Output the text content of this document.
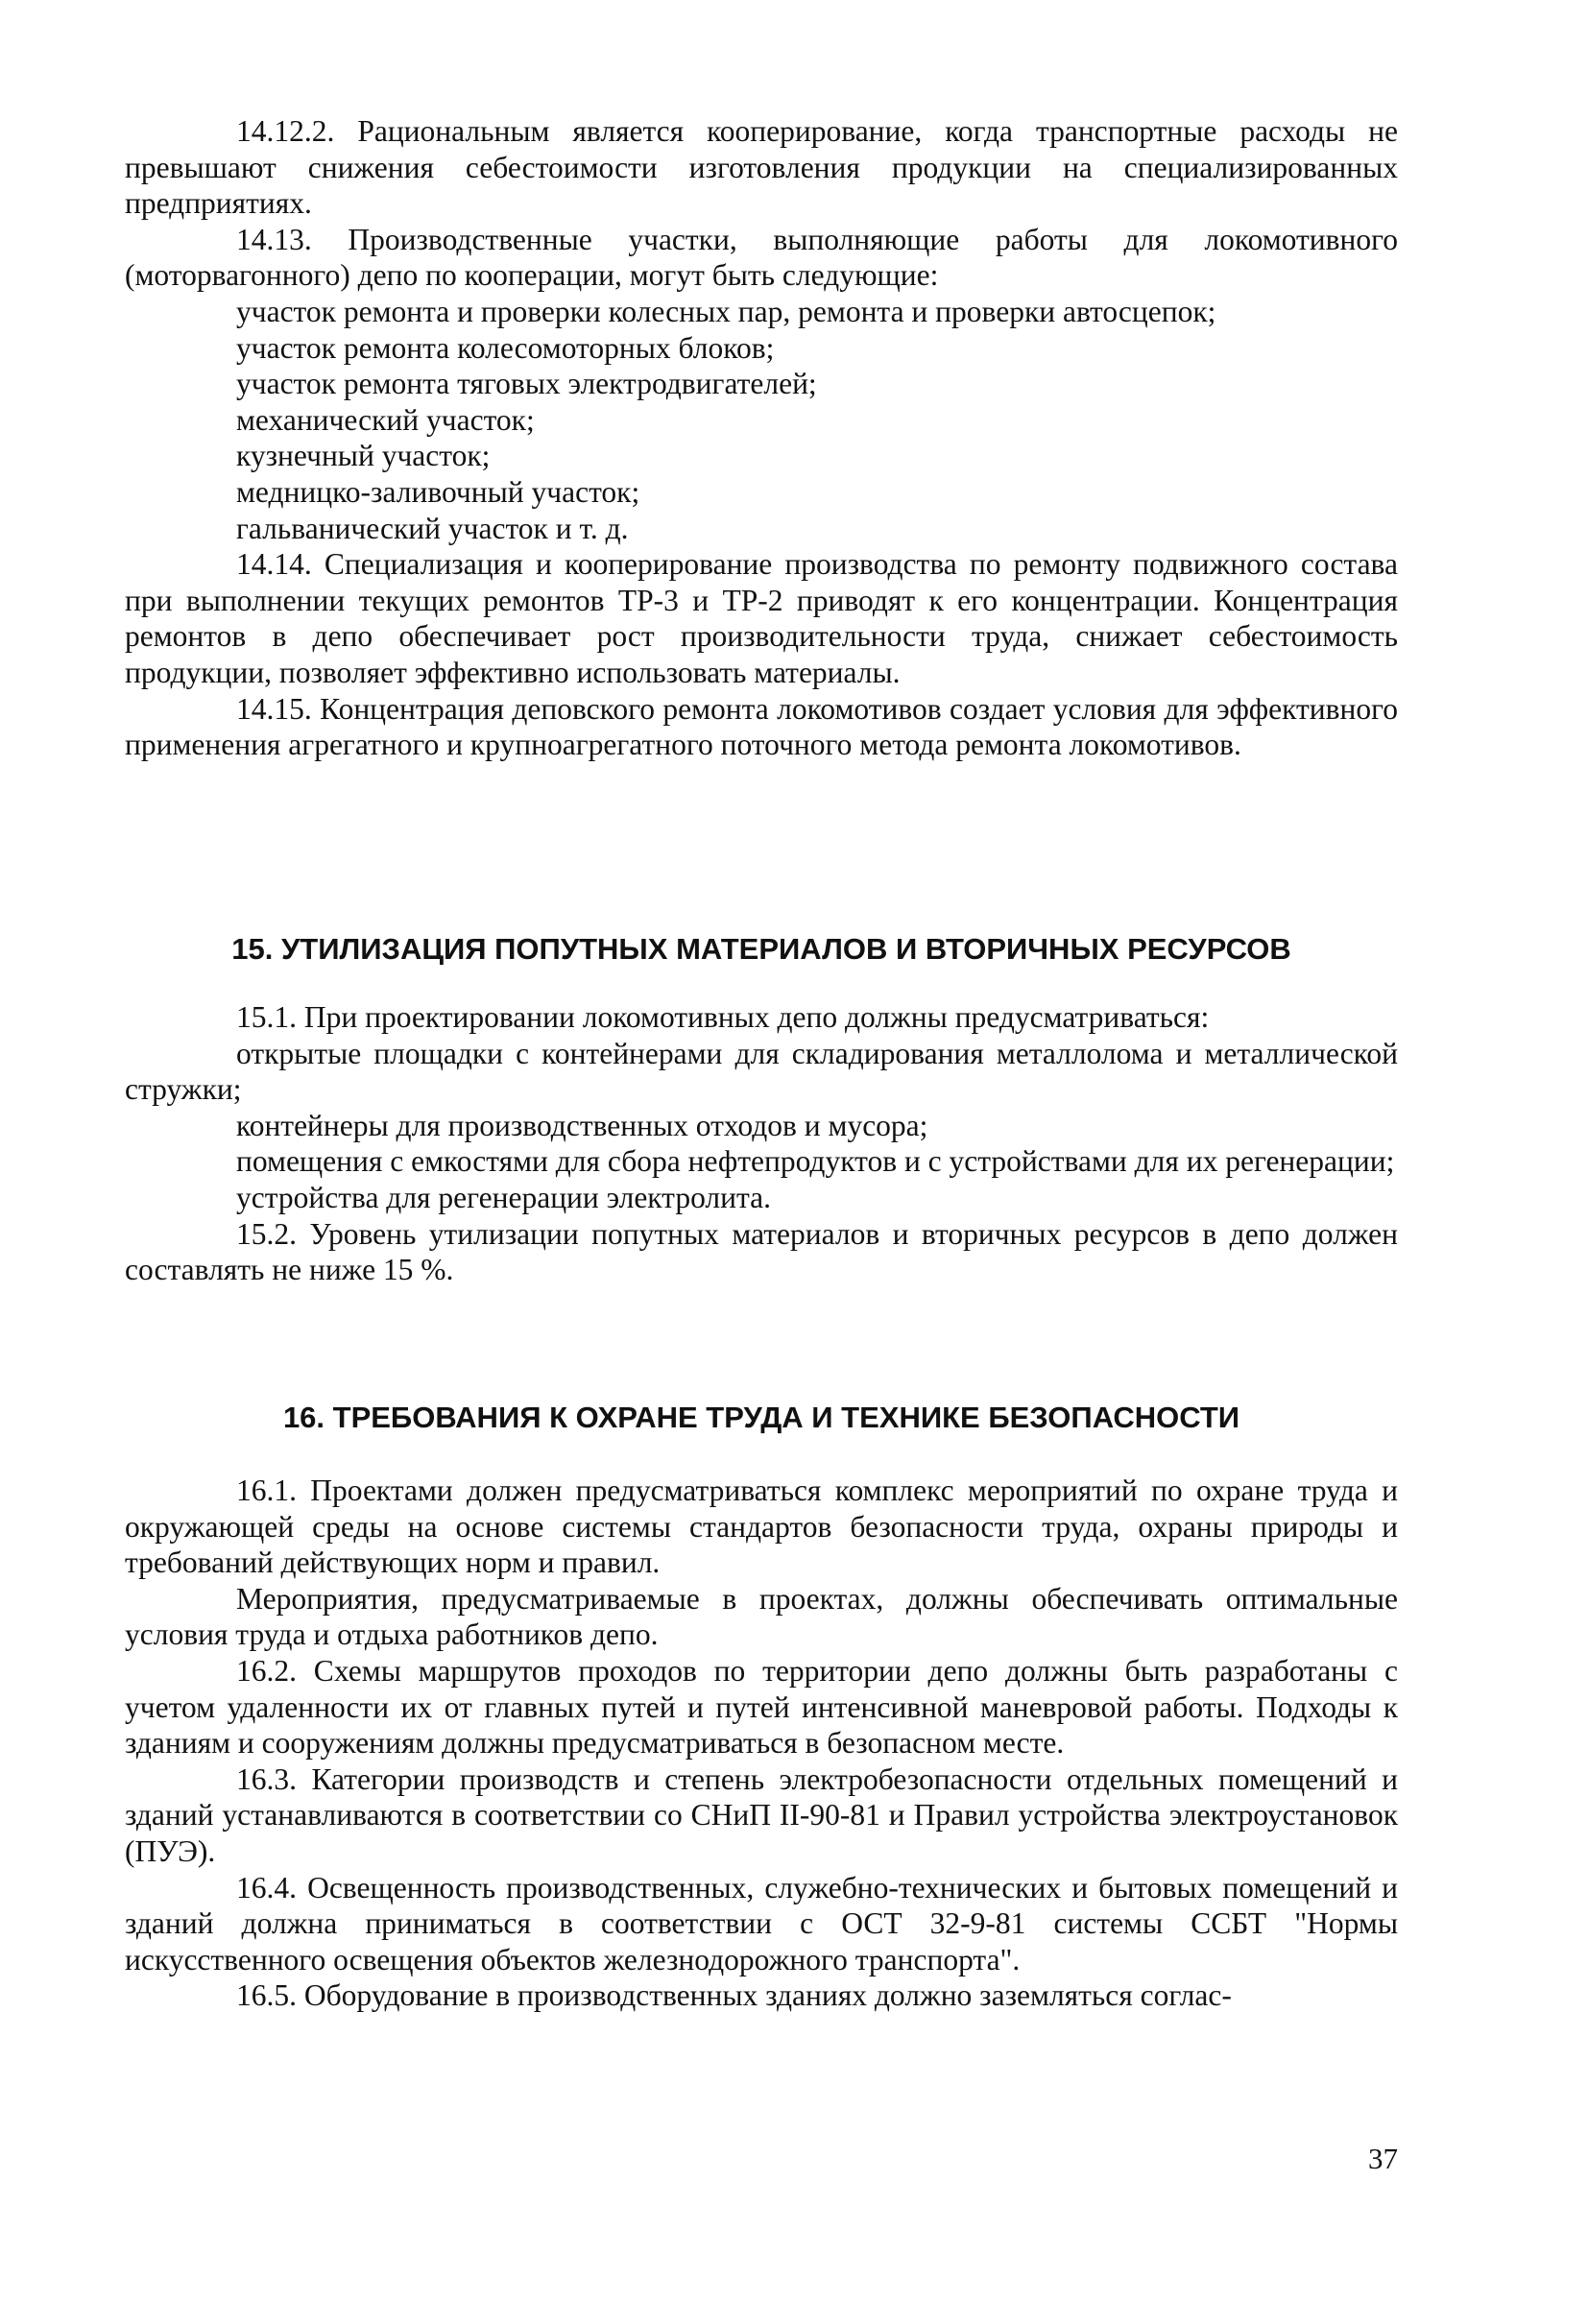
14.12.2. Рациональным является кооперирование, когда транспортные расходы не превышают снижения себестоимости изготовления продукции на специализированных предприятиях.

14.13. Производственные участки, выполняющие работы для локомотивного (моторвагонного) депо по кооперации, могут быть следующие:

участок ремонта и проверки колесных пар, ремонта и проверки автосцепок;

участок ремонта колесомоторных блоков;

участок ремонта тяговых электродвигателей;

механический участок;

кузнечный участок;

медницко-заливочный участок;

гальванический участок и т. д.

14.14. Специализация и кооперирование производства по ремонту подвижного состава при выполнении текущих ремонтов ТР-3 и ТР-2 приводят к его концентрации. Концентрация ремонтов в депо обеспечивает рост производительности труда, снижает себестоимость продукции, позволяет эффективно использовать материалы.

14.15. Концентрация деповского ремонта локомотивов создает условия для эффективного применения агрегатного и крупноагрегатного поточного метода ремонта локомотивов.

15. УТИЛИЗАЦИЯ ПОПУТНЫХ МАТЕРИАЛОВ И ВТОРИЧНЫХ РЕСУРСОВ

15.1. При проектировании локомотивных депо должны предусматриваться:

открытые площадки с контейнерами для складирования металлолома и металлической стружки;

контейнеры для производственных отходов и мусора;

помещения с емкостями для сбора нефтепродуктов и с устройствами для их регенерации;

устройства для регенерации электролита.

15.2. Уровень утилизации попутных материалов и вторичных ресурсов в депо должен составлять не ниже 15 %.

16. ТРЕБОВАНИЯ К ОХРАНЕ ТРУДА И ТЕХНИКЕ БЕЗОПАСНОСТИ

16.1. Проектами должен предусматриваться комплекс мероприятий по охране труда и окружающей среды на основе системы стандартов безопасности труда, охраны природы и требований действующих норм и правил.

Мероприятия, предусматриваемые в проектах, должны обеспечивать оптимальные условия труда и отдыха работников депо.

16.2. Схемы маршрутов проходов по территории депо должны быть разработаны с учетом удаленности их от главных путей и путей интенсивной маневровой работы. Подходы к зданиям и сооружениям должны предусматриваться в безопасном месте.

16.3. Категории производств и степень электробезопасности отдельных помещений и зданий устанавливаются в соответствии со СНиП II-90-81 и Правил устройства электроустановок (ПУЭ).

16.4. Освещенность производственных, служебно-технических и бытовых помещений и зданий должна приниматься в соответствии с ОСТ 32-9-81 системы ССБТ "Нормы искусственного освещения объектов железнодорожного транспорта".

16.5. Оборудование в производственных зданиях должно заземляться соглас-

37
